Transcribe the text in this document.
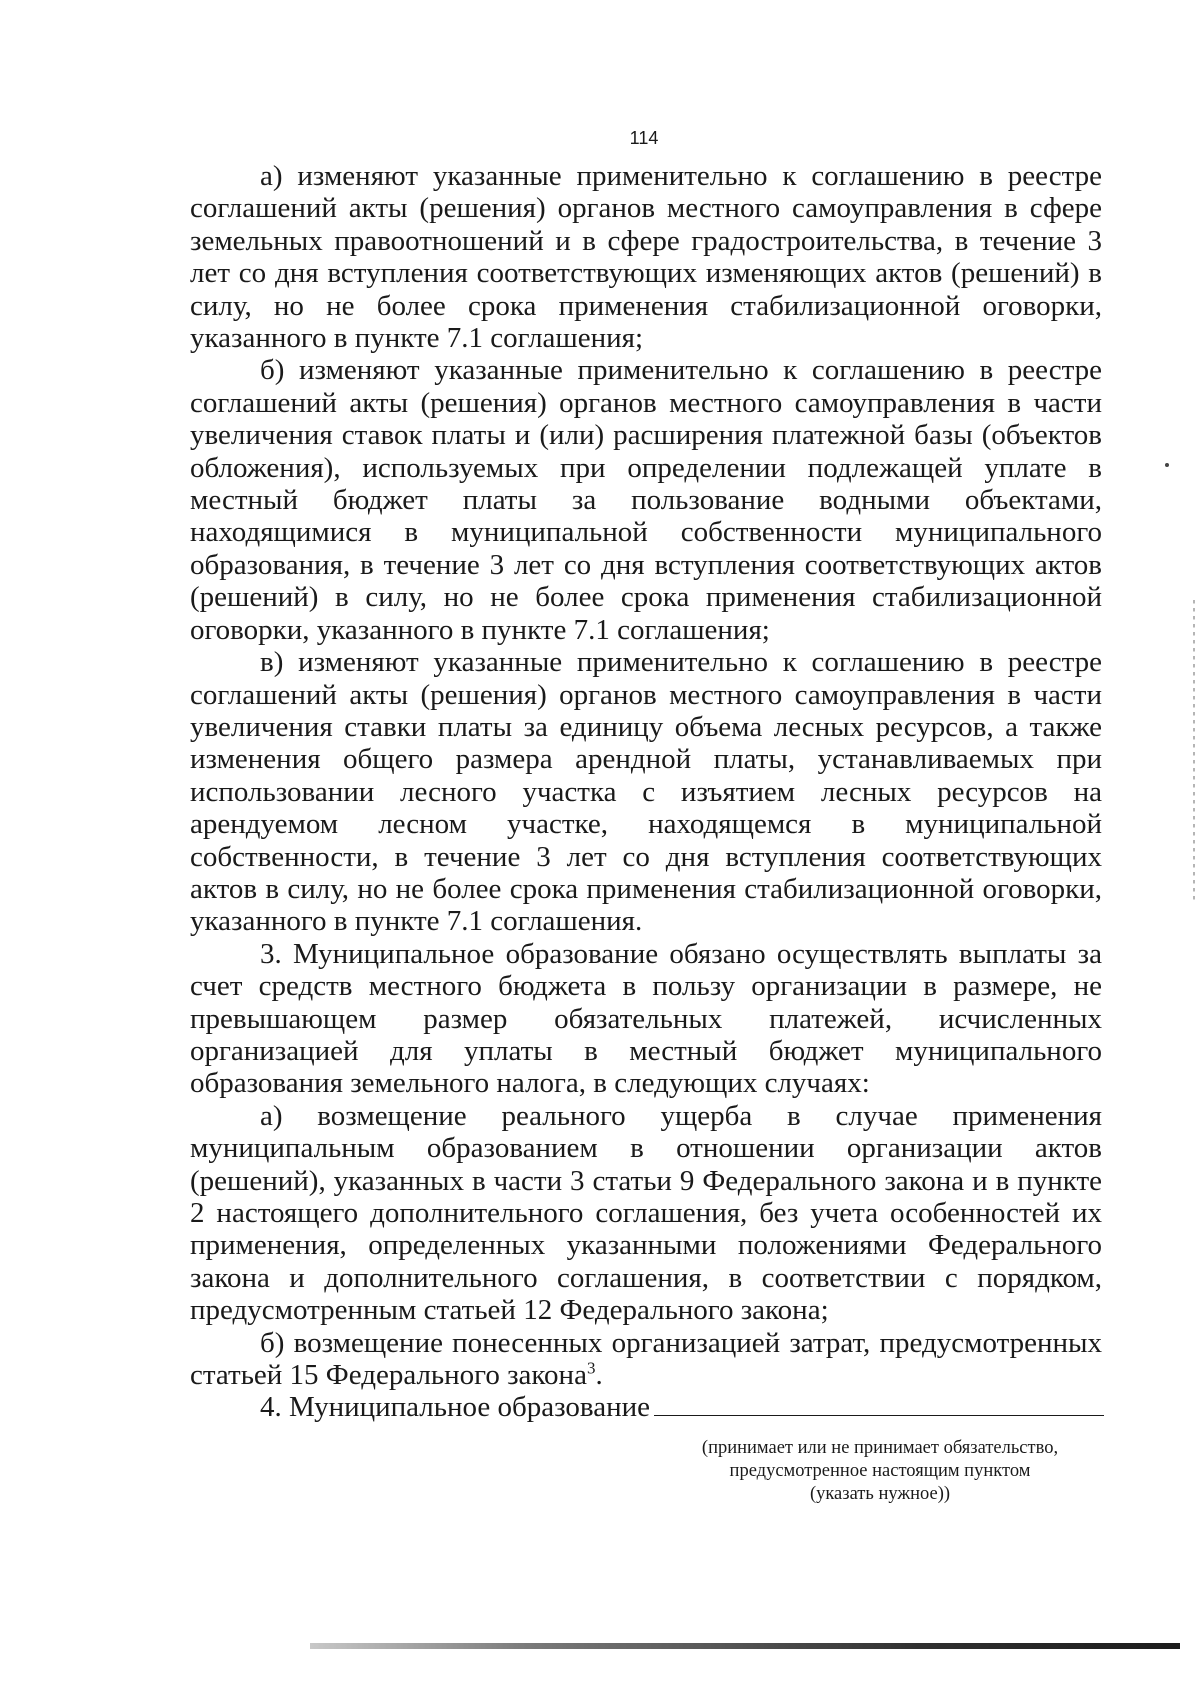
114

а) изменяют указанные применительно к соглашению в реестре соглашений акты (решения) органов местного самоуправления в сфере земельных правоотношений и в сфере градостроительства, в течение 3 лет со дня вступления соответствующих изменяющих актов (решений) в силу, но не более срока применения стабилизационной оговорки, указанного в пункте 7.1 соглашения;

б) изменяют указанные применительно к соглашению в реестре соглашений акты (решения) органов местного самоуправления в части увеличения ставок платы и (или) расширения платежной базы (объектов обложения), используемых при определении подлежащей уплате в местный бюджет платы за пользование водными объектами, находящимися в муниципальной собственности муниципального образования, в течение 3 лет со дня вступления соответствующих актов (решений) в силу, но не более срока применения стабилизационной оговорки, указанного в пункте 7.1 соглашения;

в) изменяют указанные применительно к соглашению в реестре соглашений акты (решения) органов местного самоуправления в части увеличения ставки платы за единицу объема лесных ресурсов, а также изменения общего размера арендной платы, устанавливаемых при использовании лесного участка с изъятием лесных ресурсов на арендуемом лесном участке, находящемся в муниципальной собственности, в течение 3 лет со дня вступления соответствующих актов в силу, но не более срока применения стабилизационной оговорки, указанного в пункте 7.1 соглашения.

3. Муниципальное образование обязано осуществлять выплаты за счет средств местного бюджета в пользу организации в размере, не превышающем размер обязательных платежей, исчисленных организацией для уплаты в местный бюджет муниципального образования земельного налога, в следующих случаях:

а) возмещение реального ущерба в случае применения муниципальным образованием в отношении организации актов (решений), указанных в части 3 статьи 9 Федерального закона и в пункте 2 настоящего дополнительного соглашения, без учета особенностей их применения, определенных указанными положениями Федерального закона и дополнительного соглашения, в соответствии с порядком, предусмотренным статьей 12 Федерального закона;

б) возмещение понесенных организацией затрат, предусмотренных статьей 15 Федерального закона$^3$.

4. Муниципальное образование

(принимает или не принимает обязательство,
предусмотренное настоящим пунктом
(указать нужное))
